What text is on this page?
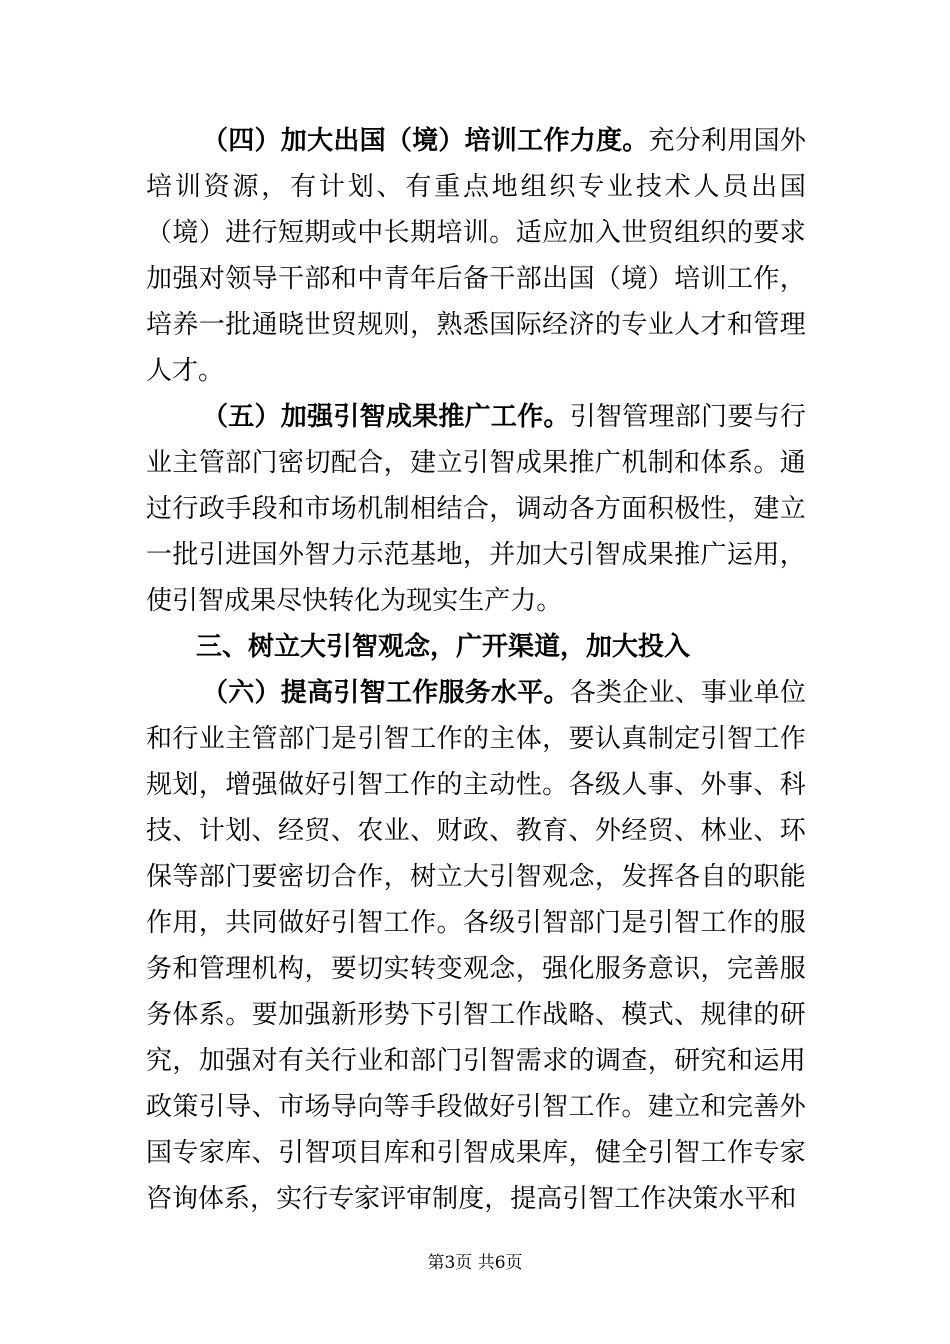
（ 四 ） 加 大 出 国 （ 境 ） 培 训 工 作 力 度 。 充 分 利 用 国 外
培 训 资 源 ， 有 计 划 、 有 重 点 地 组 织 专 业 技 术 人 员 出 国
（ 境 ） 进 行 短 期 或 中 长 期 培 训 。 适 应 加 入 世 贸 组 织 的 要 求
加 强 对 领 导 干 部 和 中 青 年 后 备 干 部 出 国 （ 境 ） 培 训 工 作 ，
培 养 一 批 通 晓 世 贸 规 则 ， 熟 悉 国 际 经 济 的 专 业 人 才 和 管 理
人 才 。
（ 五 ） 加 强 引 智 成 果 推 广 工 作 。 引 智 管 理 部 门 要 与 行
业 主 管 部 门 密 切 配 合 ， 建 立 引 智 成 果 推 广 机 制 和 体 系 。 通
过 行 政 手 段 和 市 场 机 制 相 结 合 ， 调 动 各 方 面 积 极 性 ， 建 立
一 批 引 进 国 外 智 力 示 范 基 地 ， 并 加 大 引 智 成 果 推 广 运 用 ，
使 引 智 成 果 尽 快 转 化 为 现 实 生 产 力 。
三、树立大引智观念，广开渠道，加大投入
（ 六 ） 提 高 引 智 工 作 服 务 水 平 。 各 类 企 业 、 事 业 单 位
和 行 业 主 管 部 门 是 引 智 工 作 的 主 体 ， 要 认 真 制 定 引 智 工 作
规 划 ， 增 强 做 好 引 智 工 作 的 主 动 性 。 各 级 人 事 、 外 事 、 科
技 、 计 划 、 经 贸 、 农 业 、 财 政 、 教 育 、 外 经 贸 、 林 业 、 环
保 等 部 门 要 密 切 合 作 ， 树 立 大 引 智 观 念 ， 发 挥 各 自 的 职 能
作 用 ， 共 同 做 好 引 智 工 作 。 各 级 引 智 部 门 是 引 智 工 作 的 服
务 和 管 理 机 构 ， 要 切 实 转 变 观 念 ， 强 化 服 务 意 识 ， 完 善 服
务 体 系 。 要 加 强 新 形 势 下 引 智 工 作 战 略 、 模 式 、 规 律 的 研
究 ， 加 强 对 有 关 行 业 和 部 门 引 智 需 求 的 调 查 ， 研 究 和 运 用
政 策 引 导 、 市 场 导 向 等 手 段 做 好 引 智 工 作 。 建 立 和 完 善 外
国 专 家 库 、 引 智 项 目 库 和 引 智 成 果 库 ， 健 全 引 智 工 作 专 家
咨 询 体 系 ， 实 行 专 家 评 审 制 度 ， 提 高 引 智 工 作 决 策 水 平 和
第3页 共6页
